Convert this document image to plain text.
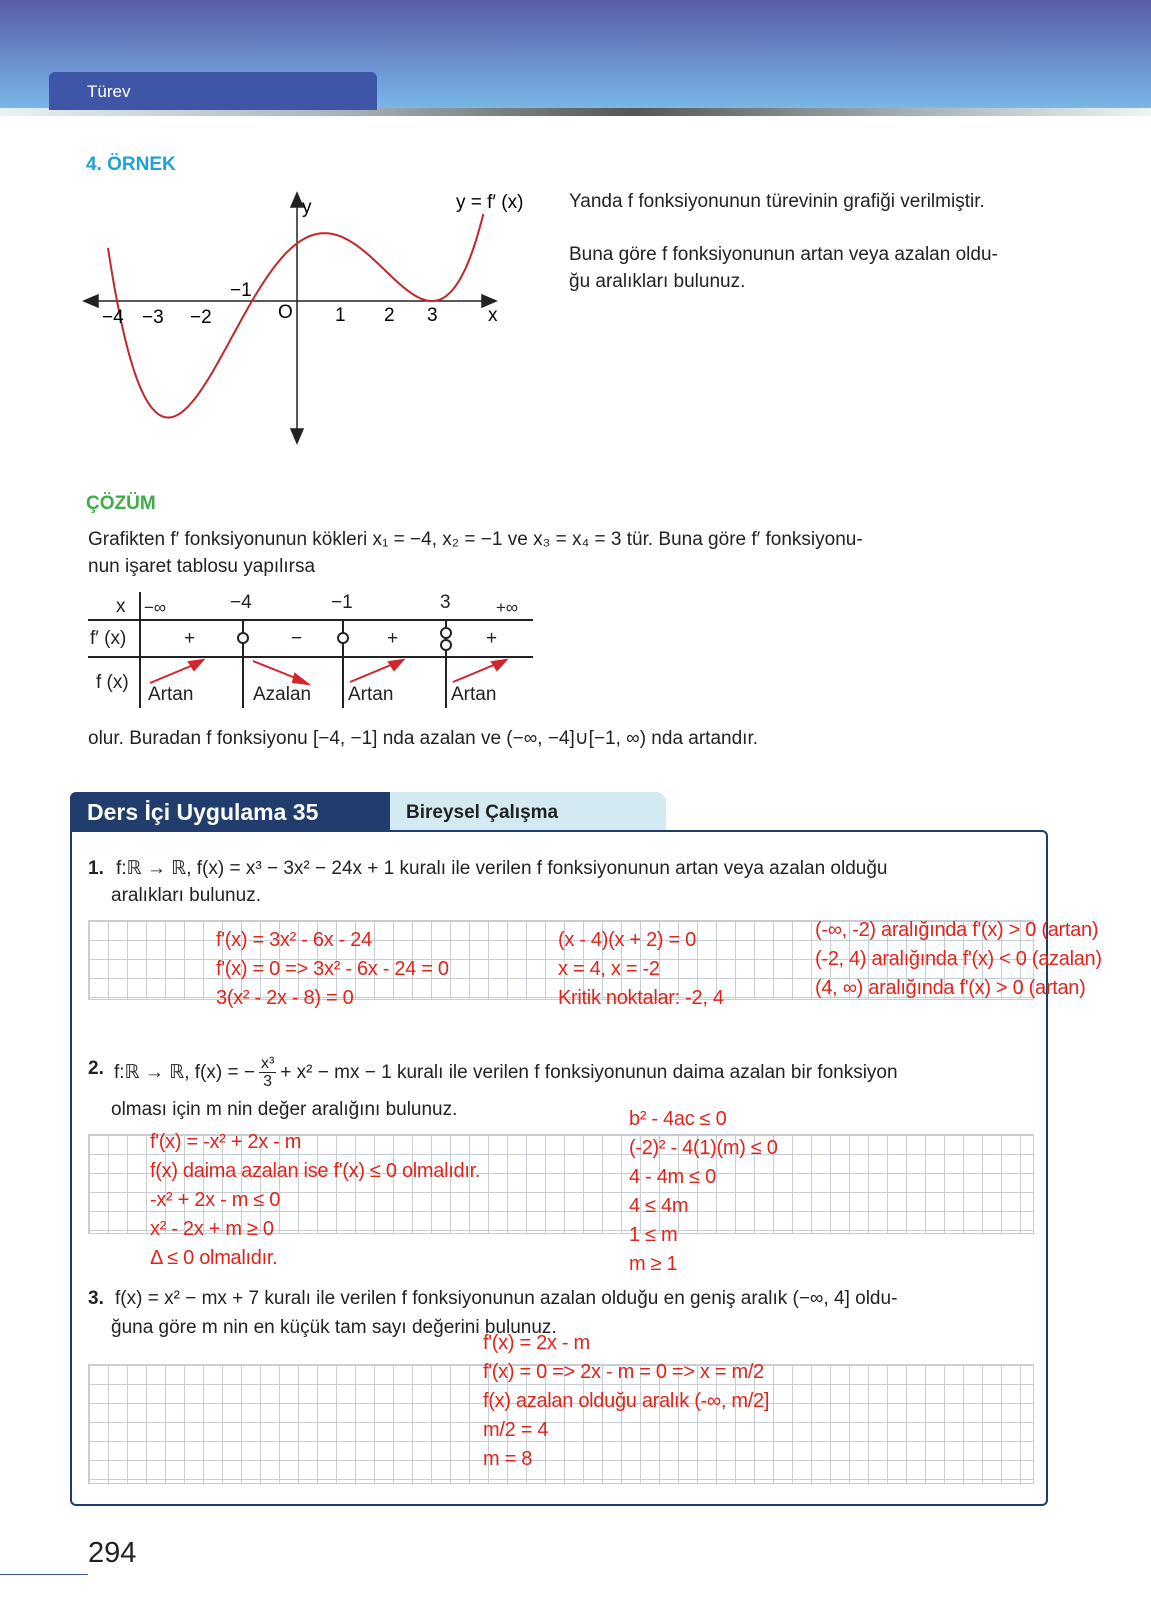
Türev
4. ÖRNEK
y
x
y = f′ (x)
O
−4 −3 −2
−1
1 2 3
Yanda f fonksiyonunun türevinin grafiği verilmiştir.
Buna göre f fonksiyonunun artan veya azalan oldu-
ğu aralıkları bulunuz.
ÇÖZÜM
Grafikten f′ fonksiyonunun kökleri x₁ = −4, x₂ = −1 ve x₃ = x₄ = 3 tür. Buna göre f′ fonksiyonu-
nun işaret tablosu yapılırsa
x
f′ (x)
f (x)
−∞	−4	−1	3	+∞
+	−	+	+
Artan	Azalan Artan	Artan
olur. Buradan f fonksiyonu [−4, −1] nda azalan ve (−∞, −4]∪[−1, ∞) nda artandır.
Ders İçi Uygulama 35	Bireysel Çalışma
1. f:ℝ → ℝ, f(x) = x³ − 3x² − 24x + 1 kuralı ile verilen f fonksiyonunun artan veya azalan olduğu
aralıkları bulunuz.
f'(x) = 3x² - 6x - 24
f'(x) = 0 => 3x² - 6x - 24 = 0
3(x² - 2x - 8) = 0
(x - 4)(x + 2) = 0
x = 4, x = -2
Kritik noktalar: -2, 4
(-∞, -2) aralığında f'(x) > 0 (artan)
(-2, 4) aralığında f'(x) < 0 (azalan)
(4, ∞) aralığında f'(x) > 0 (artan)
2. f:ℝ → ℝ, f(x) = − $\frac{\text{x³}}{3} + x^2$ − mx − 1 kuralı ile verilen f fonksiyonunun daima azalan bir fonksiyon
olması için m nin değer aralığını bulunuz.
f'(x) = -x² + 2x - m
f(x) daima azalan ise f'(x) ≤ 0 olmalıdır.
-x² + 2x - m ≤ 0
x² - 2x + m ≥ 0
Δ ≤ 0 olmalıdır.
b² - 4ac ≤ 0
(-2)² - 4(1)(m) ≤ 0
4 - 4m ≤ 0
4 ≤ 4m
1 ≤ m
m ≥ 1
3. f(x) = x² − mx + 7 kuralı ile verilen f fonksiyonunun azalan olduğu en geniş aralık (−∞, 4] oldu-
ğuna göre m nin en küçük tam sayı değerini bulunuz.
f'(x) = 2x - m
f'(x) = 0 => 2x - m = 0 => x = m/2
f(x) azalan olduğu aralık (-∞, m/2]
m/2 = 4
m = 8
294
